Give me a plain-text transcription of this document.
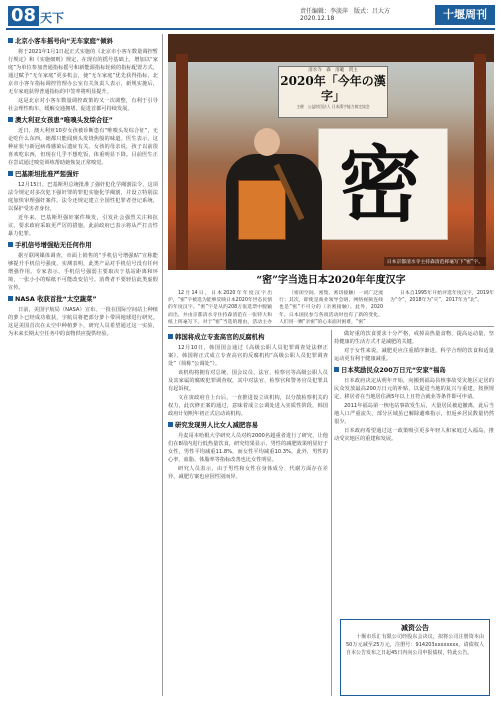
08 天下	责任编辑：李淡萍　版式：吕大方
2020.12.18	十堰周刊
北京小客车摇号向“无车家庭”倾斜

将于2021年1月1日起正式实施的《北京市小客车数量调控暂行规定》和《实施细则》规定，在现有的摇号基础上，增加以“家庭”为单位参加普通指标摇号和新能源指标轮候的指标配置方式，通过赋予“无车家庭”更多机会，使“无车家庭”优先获得指标，北京市小客车指标调控管理办公室有关负责人表示，新规实施后，无车家庭获得普通指标的中签率将明显提升。

这是北京对小客车数量调控政策的又一次调整，有利于引导社会理性购车，缓解交通拥堵，促进首都可持续发展。

澳大利亚女孩患“唯嗅头发综合征”

近日，澳大利亚10岁女孩被诊断患有“唯嗅头发综合征”，无论吃什么东西，她都只能闻到头发烧焦般的味道。医生表示，这种症状与新冠病毒感染后遗症有关。女孩的母亲说，孩子以前很喜欢吃东西，但现在几乎不想吃饭，体重明显下降。目前医生正在尝试通过嗅觉训练帮助她恢复正常嗅觉。

巴基斯坦批准严惩强奸

12月15日，巴基斯坦总统批准了强奸犯化学阉割法令，这项法令规定对多次犯下强奸罪的罪犯实施化学阉割，并设立特别法庭加快审理强奸案件。法令还规定建立全国性犯罪者登记系统，以保护受害者身份。

近年来，巴基斯坦强奸案件频发，引发社会强烈关注和抗议，要求政府采取更严厉的措施。此前政府已表示将从严打击性暴力犯罪。

手机信号增强贴无任何作用

据互联网媒体调查，市面上销售的“手机信号增强贴”宣称能够提升手机信号强度，实测表明，此类产品对手机信号没有任何增强作用。专家表示，手机信号强弱主要取决于基站距离和环境，一张小小的贴纸不可能改变信号。消费者不要轻信此类虚假宣传。

NASA 收获首批“太空蔬菜”

日前，美国宇航局（NASA）宣布，一批在国际空间站上种植的萝卜已经成功收获，宇航员将把部分萝卜带回地球进行研究。这是美国首次在太空中种植萝卜，研究人员希望通过这一实验，为未来长期太空任务中的食物供应提供经验。

清水寺　森　清範　貫主
2020年「今年の漢字」
主催　公益財団法人 日本漢字能力検定協会
密
日本京都清水寺主持森清范挥毫写下“密”字。
“密”字当选日本2020年年度汉字
12月14日，日本2020年年度汉字出炉，“密”字被选为能够反映日本2020年世态民情的年度汉字。“密”字是从约208万张选票中脱颖而出，并由京都清水寺住持森清范在一张特大和纸上挥毫写下。对于“密”当选的理由，活动主办
（密闭空间、密集、密切接触）一词广泛流行；其次，即使是商业领导会晤，网络视频连线也是“密”不可分的（亲密接触）。此外，2020年，日本国民参与各项活动时也有了新的变化，人们用一颗“亲密”的心来面对困难，“密”
日本自1995年开始评选年度汉字，2019年为“令”，2018年为“灾”，2017年为“北”。
韩国将成立专查高官的反腐机构

12月10日，韩国国会通过《高级公职人员犯罪调查处法修正案》，韩国将正式成立专查高官的反腐机构“高级公职人员犯罪调查处”（简称“公调处”）。

该机构将拥有对总统、国会议员、法官、检察官等高级公职人员及其家属的腐败犯罪调查权，其中对法官、检察官和警务官员犯罪具有起诉权。

文在寅政府自上台后，一直推进设立该机构，以分散检察机关的权力，此次修正案的通过，意味着成立公调处进入实质性阶段，韩国政府计划明年初正式启动该机构。

研究发现男人比女人减肥容易

丹麦哥本哈根大学研究人员对约2000名超重者进行了研究，让他们在8周内进行低热量饮食，研究结果显示，男性的减肥效果明显好于女性，男性平均减重11.8%，而女性平均减重10.3%。此外，男性的心率、血脂、体脂率等指标改善也比女性明显。

研究人员表示，由于男性和女性在身体成分、代谢方面存在差异，减肥方案也应因性别而异。

做好重的饮食要求十分严格，戒掉高热量食物，提高运动量，坚持健康的生活方式才是减肥的关键。

对于女性来说，减肥更应注重循序渐进，科学合理的饮食和适量运动更有利于健康减重。

日本奖励民众200万日元“安家”福岛

日本政府决定从明年开始，向搬到福岛县核事故受灾地区定居的民众发放最高200万日元的补贴，以促进当地的复兴与重建。按照规定，移居者在当地居住满5年以上且符合就业等条件即可申请。

2011年福岛第一核电站事故发生后，大量居民被迫撤离，此后当地人口严重流失，部分区域虽已解除避难指示，但返乡居民数量仍然很少。

日本政府希望通过这一政策吸引更多年轻人和家庭迁入福岛，推动受灾地区的重建和发展。

减资公告
十堰市乐汇有限公司经股东会决议，拟将公司注册资本由50万元减至25万元，注册号：914203xxxxxxxx，请债权人自本公告发布之日起45日内向公司申报债权，特此公告。
